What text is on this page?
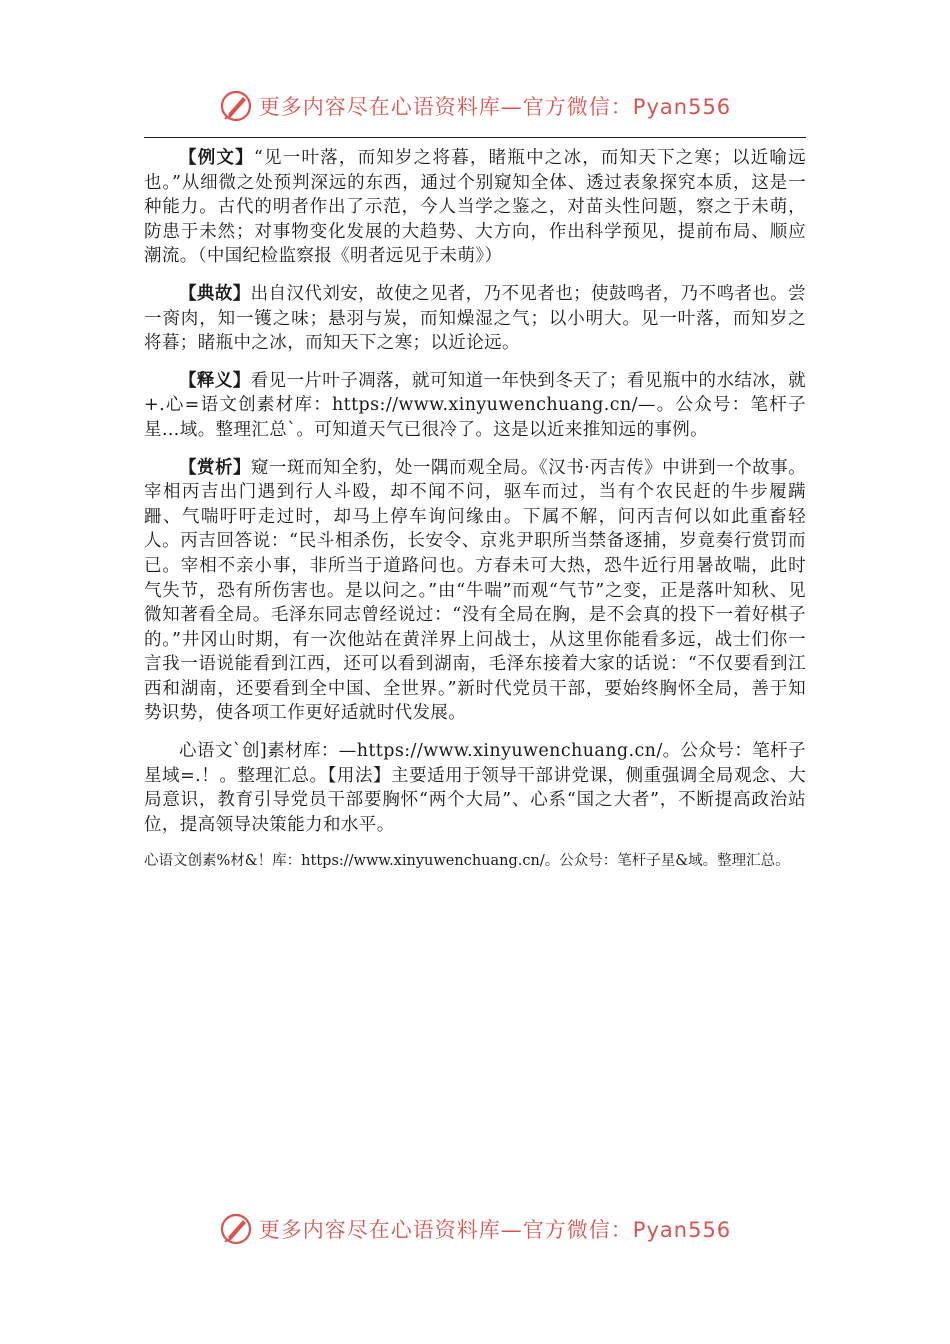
更多内容尽在心语资料库—官方微信：Pyan556

【例文】“见一叶落，而知岁之将暮，睹瓶中之冰，而知天下之寒；以近喻远也。”从细微之处预判深远的东西，通过个别窥知全体、透过表象探究本质，这是一种能力。古代的明者作出了示范，今人当学之鉴之，对苗头性问题，察之于未萌，防患于未然；对事物变化发展的大趋势、大方向，作出科学预见，提前布局、顺应潮流。（中国纪检监察报《明者远见于未萌》）

【典故】出自汉代刘安，故使之见者，乃不见者也；使鼓鸣者，乃不鸣者也。尝一脔肉，知一镬之味；悬羽与炭，而知燥湿之气；以小明大。见一叶落，而知岁之将暮；睹瓶中之冰，而知天下之寒；以近论远。

【释义】看见一片叶子凋落，就可知道一年快到冬天了；看见瓶中的水结冰，就+.心=语文创素材库：https://www.xinyuwenchuang.cn/—。公众号：笔杆子星…域。整理汇总`。可知道天气已很冷了。这是以近来推知远的事例。

【赏析】窥一斑而知全豹，处一隅而观全局。《汉书·丙吉传》中讲到一个故事。宰相丙吉出门遇到行人斗殴，却不闻不问，驱车而过，当有个农民赶的牛步履蹒跚、气喘吁吁走过时，却马上停车询问缘由。下属不解，问丙吉何以如此重畜轻人。丙吉回答说：“民斗相杀伤，长安令、京兆尹职所当禁备逐捕，岁竟奏行赏罚而已。宰相不亲小事，非所当于道路问也。方春未可大热，恐牛近行用暑故喘，此时气失节，恐有所伤害也。是以问之。”由“牛喘”而观“气节”之变，正是落叶知秋、见微知著看全局。毛泽东同志曾经说过：“没有全局在胸，是不会真的投下一着好棋子的。”井冈山时期，有一次他站在黄洋界上问战士，从这里你能看多远，战士们你一言我一语说能看到江西，还可以看到湖南，毛泽东接着大家的话说：“不仅要看到江西和湖南，还要看到全中国、全世界。”新时代党员干部，要始终胸怀全局，善于知势识势，使各项工作更好适就时代发展。

心语文`创]素材库：—https://www.xinyuwenchuang.cn/。公众号：笔杆子星域=.！。整理汇总。【用法】主要适用于领导干部讲党课，侧重强调全局观念、大局意识，教育引导党员干部要胸怀“两个大局”、心系“国之大者”，不断提高政治站位，提高领导决策能力和水平。

心语文创素%材&！库：https://www.xinyuwenchuang.cn/。公众号：笔杆子星&域。整理汇总。

更多内容尽在心语资料库—官方微信：Pyan556
